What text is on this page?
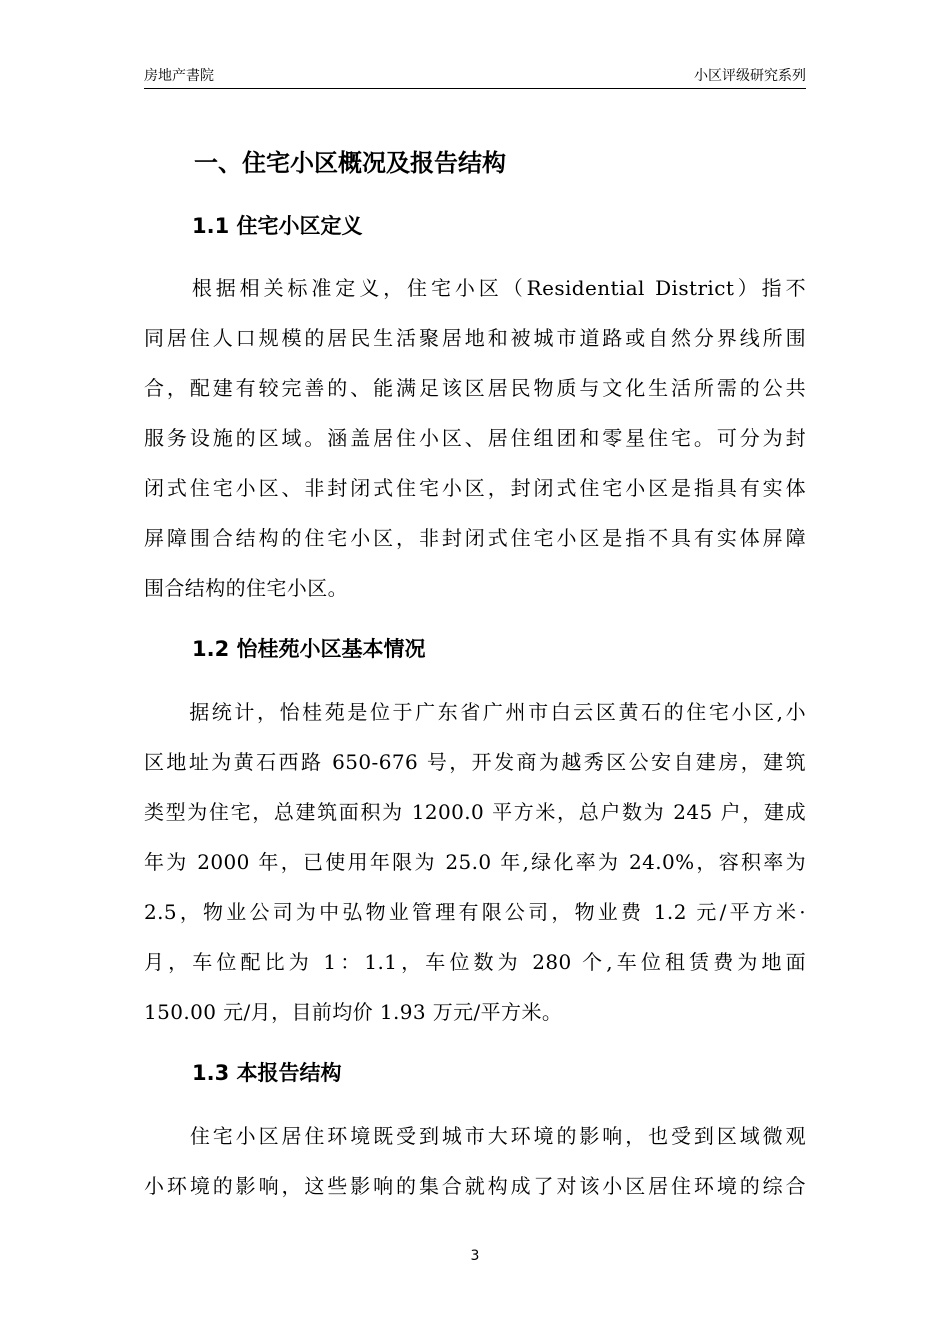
房地产書院	小区评级研究系列
一、住宅小区概况及报告结构
1.1 住宅小区定义
　　根据相关标准定义，住宅小区（Residential District）指不
同居住人口规模的居民生活聚居地和被城市道路或自然分界线所围
合，配建有较完善的、能满足该区居民物质与文化生活所需的公共
服务设施的区域。涵盖居住小区、居住组团和零星住宅。可分为封
闭式住宅小区、非封闭式住宅小区，封闭式住宅小区是指具有实体
屏障围合结构的住宅小区，非封闭式住宅小区是指不具有实体屏障
围合结构的住宅小区。
1.2 怡桂苑小区基本情况
　　据统计，怡桂苑是位于广东省广州市白云区黄石的住宅小区,小
区地址为黄石西路 650-676 号，开发商为越秀区公安自建房，建筑
类型为住宅，总建筑面积为 1200.0 平方米，总户数为 245 户，建成
年为 2000 年，已使用年限为 25.0 年,绿化率为 24.0%，容积率为
2.5，物业公司为中弘物业管理有限公司，物业费 1.2 元/平方米·
月，车位配比为 1：1.1，车位数为 280 个,车位租赁费为地面
150.00 元/月，目前均价 1.93 万元/平方米。
1.3 本报告结构
　　住宅小区居住环境既受到城市大环境的影响，也受到区域微观
小环境的影响，这些影响的集合就构成了对该小区居住环境的综合
3
